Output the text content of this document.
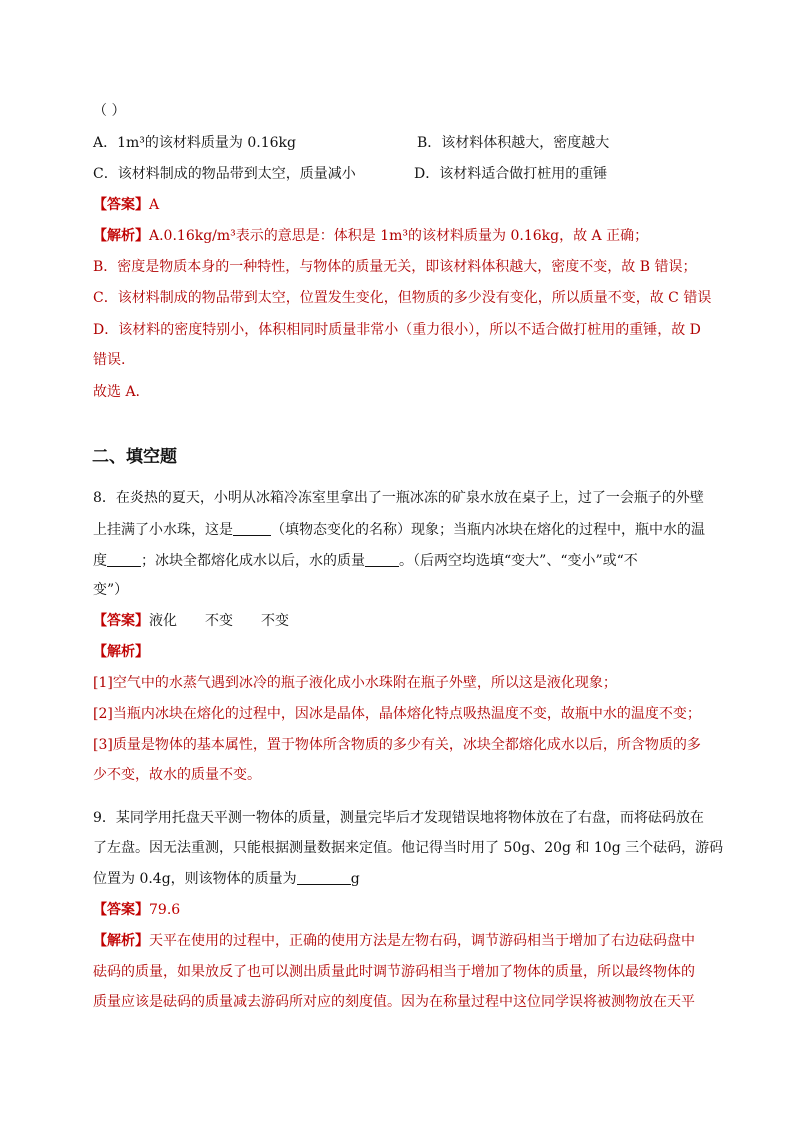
（ ）
A．1m³的该材料质量为 0.16kg	B．该材料体积越大，密度越大
C．该材料制成的物品带到太空，质量减小	D．该材料适合做打桩用的重锤
【答案】A
【解析】A.0.16kg/m³表示的意思是：体积是 1m³的该材料质量为 0.16kg，故 A 正确；
B．密度是物质本身的一种特性，与物体的质量无关，即该材料体积越大，密度不变，故 B 错误；
C．该材料制成的物品带到太空，位置发生变化，但物质的多少没有变化，所以质量不变，故 C 错误
D．该材料的密度特别小，体积相同时质量非常小（重力很小），所以不适合做打桩用的重锤，故 D
错误.
故选 A.
二、填空题
8．在炎热的夏天，小明从冰箱冷冻室里拿出了一瓶冰冻的矿泉水放在桌子上，过了一会瓶子的外壁
上挂满了小水珠，这是	（填物态变化的名称）现象；当瓶内冰块在熔化的过程中，瓶中水的温
度 ；冰块全都熔化成水以后，水的质量 。（后两空均选填“变大”、“变小”或“不
变”）
【答案】液化 不变 不变
【解析】
[1]空气中的水蒸气遇到冰冷的瓶子液化成小水珠附在瓶子外壁，所以这是液化现象；
[2]当瓶内冰块在熔化的过程中，因冰是晶体，晶体熔化特点吸热温度不变，故瓶中水的温度不变；
[3]质量是物体的基本属性，置于物体所含物质的多少有关，冰块全都熔化成水以后，所含物质的多
少不变，故水的质量不变。
9．某同学用托盘天平测一物体的质量，测量完毕后才发现错误地将物体放在了右盘，而将砝码放在
了左盘。因无法重测，只能根据测量数据来定值。他记得当时用了 50g、20g 和 10g 三个砝码，游码
位置为 0.4g，则该物体的质量为	g
【答案】79.6
【解析】天平在使用的过程中，正确的使用方法是左物右码，调节游码相当于增加了右边砝码盘中
砝码的质量，如果放反了也可以测出质量此时调节游码相当于增加了物体的质量，所以最终物体的
质量应该是砝码的质量减去游码所对应的刻度值。因为在称量过程中这位同学误将被测物放在天平
